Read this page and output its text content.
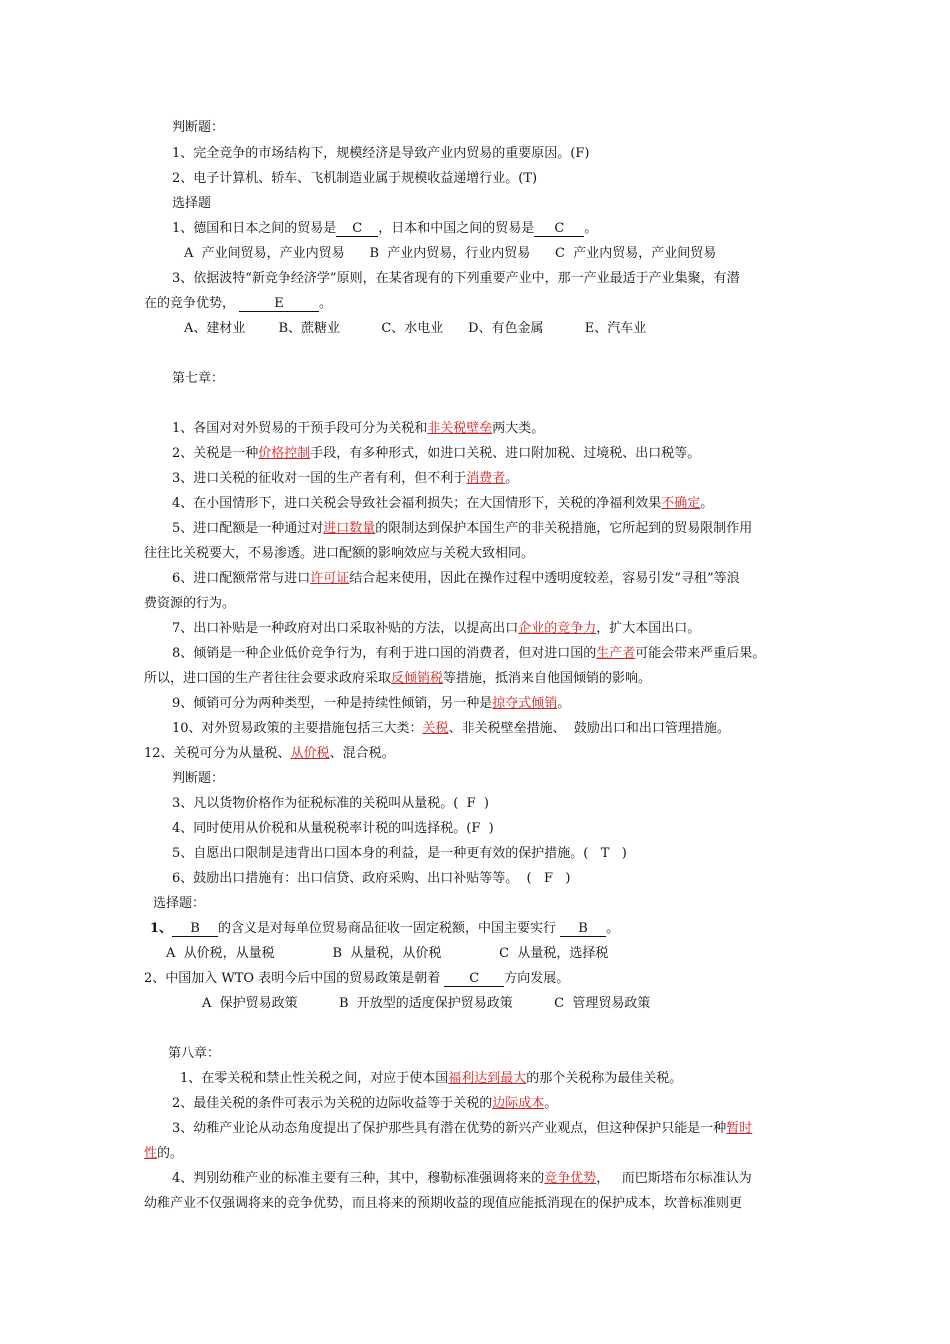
判断题：
1、完全竞争的市场结构下，规模经济是导致产业内贸易的重要原因。(F)
2、电子计算机、轿车、飞机制造业属于规模收益递增行业。(T)
选择题
1、德国和日本之间的贸易是 C ，日本和中国之间的贸易是 C 。
A  产业间贸易，产业内贸易      B  产业内贸易，行业内贸易      C  产业内贸易，产业间贸易
3、依据波特“新竞争经济学”原则，在某省现有的下列重要产业中，那一产业最适于产业集聚，有潜
在的竞争优势，	E	。
A、建材业        B、蔗糖业          C、水电业      D、有色金属          E、汽车业
第七章：
1、各国对对外贸易的干预手段可分为关税和非关税壁垒两大类。
2、关税是一种价格控制手段，有多种形式，如进口关税、进口附加税、过境税、出口税等。
3、进口关税的征收对一国的生产者有利，但不利于消费者。
4、在小国情形下，进口关税会导致社会福利损失；在大国情形下，关税的净福利效果不确定。
5、进口配额是一种通过对进口数量的限制达到保护本国生产的非关税措施，它所起到的贸易限制作用
往往比关税要大，不易渗透。进口配额的影响效应与关税大致相同。
6、进口配额常常与进口许可证结合起来使用，因此在操作过程中透明度较差，容易引发“寻租”等浪
费资源的行为。
7、出口补贴是一种政府对出口采取补贴的方法，以提高出口企业的竞争力，扩大本国出口。
8、倾销是一种企业低价竞争行为，有利于进口国的消费者，但对进口国的生产者可能会带来严重后果。
所以，进口国的生产者往往会要求政府采取反倾销税等措施，抵消来自他国倾销的影响。
9、倾销可分为两种类型，一种是持续性倾销，另一种是掠夺式倾销。
10、对外贸易政策的主要措施包括三大类：关税、非关税壁垒措施、  鼓励出口和出口管理措施。
12、关税可分为从量税、从价税、混合税。
判断题：
3、凡以货物价格作为征税标准的关税叫从量税。(  F  )
4、同时使用从价税和从量税税率计税的叫选择税。(F  )
5、自愿出口限制是违背出口国本身的利益，是一种更有效的保护措施。(   T   )
6、鼓励出口措施有：出口信贷、政府采购、出口补贴等等。  (   F   )
选择题：
1、 B 的含义是对每单位贸易商品征收一固定税额，中国主要实行 B 。
A  从价税，从量税              B  从量税，从价税              C  从量税，选择税
2、中国加入 WTO 表明今后中国的贸易政策是朝着 C 方向发展。
A  保护贸易政策          B  开放型的适度保护贸易政策          C  管理贸易政策
第八章：
1、在零关税和禁止性关税之间，对应于使本国福利达到最大的那个关税称为最佳关税。
2、最佳关税的条件可表示为关税的边际收益等于关税的边际成本。
3、幼稚产业论从动态角度提出了保护那些具有潜在优势的新兴产业观点，但这种保护只能是一种暂时
性的。
4、判别幼稚产业的标准主要有三种，其中，穆勒标准强调将来的竞争优势，   而巴斯塔布尔标准认为
幼稚产业不仅强调将来的竞争优势，而且将来的预期收益的现值应能抵消现在的保护成本，坎普标准则更
